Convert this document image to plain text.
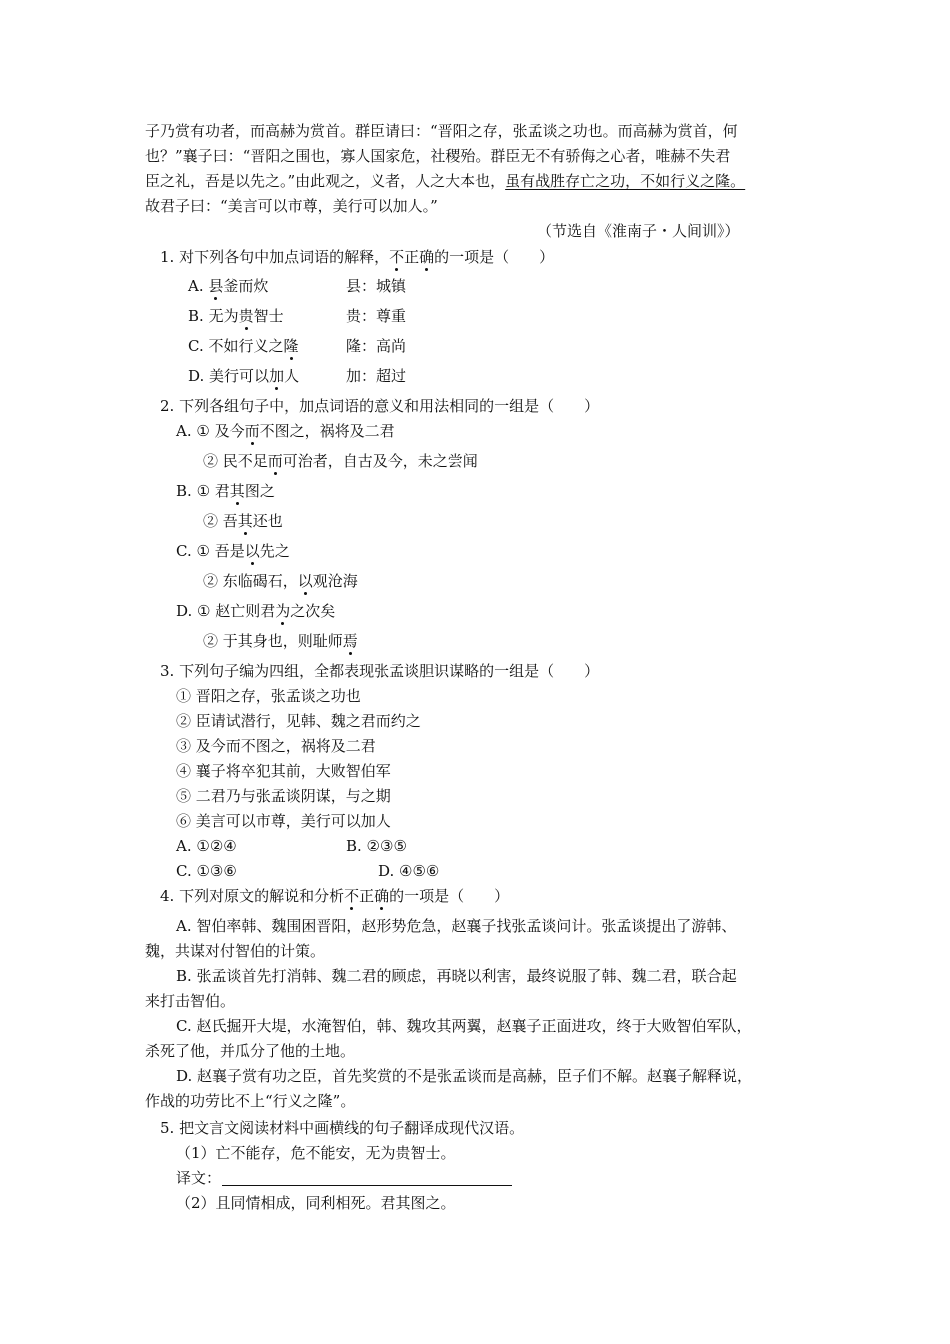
子乃赏有功者，而高赫为赏首。群臣请曰：“晋阳之存，张孟谈之功也。而高赫为赏首，何
也？”襄子曰：“晋阳之围也，寡人国家危，社稷殆。群臣无不有骄侮之心者，唯赫不失君
臣之礼，吾是以先之。”由此观之，义者，人之大本也，虽有战胜存亡之功，不如行义之隆。
故君子曰：“美言可以市尊，美行可以加人。”
（节选自《淮南子・人间训》）
1. 对下列各句中加点词语的解释，不正确的一项是（　　）
A. 县釜而炊	县：城镇
B. 无为贵智士	贵：尊重
C. 不如行义之隆	隆：高尚
D. 美行可以加人	加：超过
2. 下列各组句子中，加点词语的意义和用法相同的一组是（　　）
A. ① 及今而不图之，祸将及二君
② 民不足而可治者，自古及今，未之尝闻
B. ① 君其图之
② 吾其还也
C. ① 吾是以先之
② 东临碣石，以观沧海
D. ① 赵亡则君为之次矣
② 于其身也，则耻师焉
3. 下列句子编为四组，全都表现张孟谈胆识谋略的一组是（　　）
① 晋阳之存，张孟谈之功也
② 臣请试潜行，见韩、魏之君而约之
③ 及今而不图之，祸将及二君
④ 襄子将卒犯其前，大败智伯军
⑤ 二君乃与张孟谈阴谋，与之期
⑥ 美言可以市尊，美行可以加人
A. ①②④	B. ②③⑤
C. ①③⑥	D. ④⑤⑥
4. 下列对原文的解说和分析不正确的一项是（　　）
A. 智伯率韩、魏围困晋阳，赵形势危急，赵襄子找张孟谈问计。张孟谈提出了游韩、
魏，共谋对付智伯的计策。
B. 张孟谈首先打消韩、魏二君的顾虑，再晓以利害，最终说服了韩、魏二君，联合起
来打击智伯。
C. 赵氏掘开大堤，水淹智伯，韩、魏攻其两翼，赵襄子正面进攻，终于大败智伯军队，
杀死了他，并瓜分了他的土地。
D. 赵襄子赏有功之臣，首先奖赏的不是张孟谈而是高赫，臣子们不解。赵襄子解释说，
作战的功劳比不上“行义之隆”。
5. 把文言文阅读材料中画横线的句子翻译成现代汉语。
（1）亡不能存，危不能安，无为贵智士。
译文：
（2）且同情相成，同利相死。君其图之。
